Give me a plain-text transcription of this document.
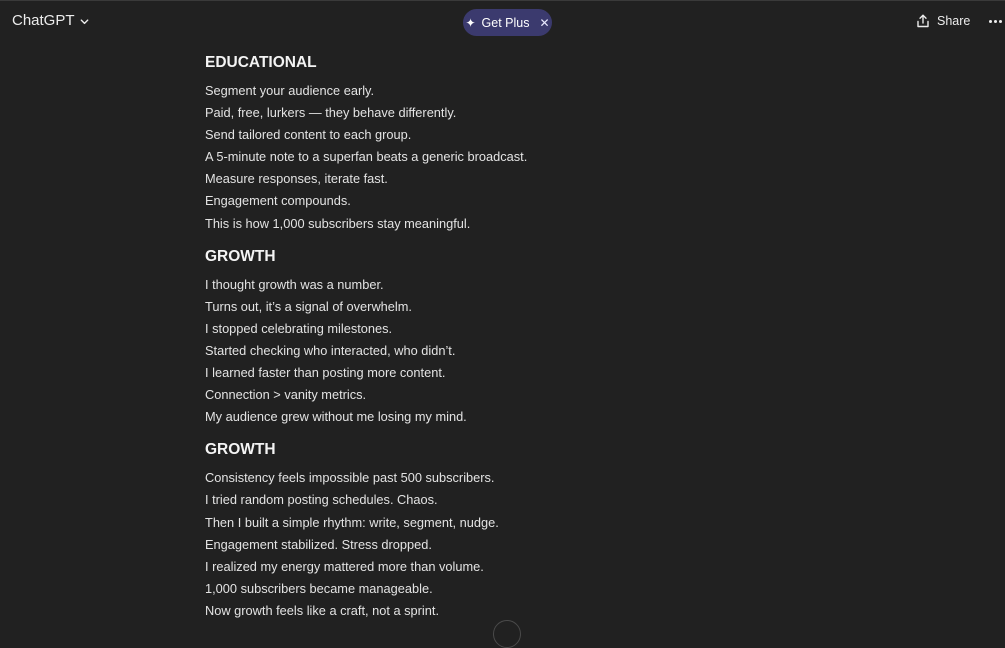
ChatGPT	✦ Get Plus ✕	Share
EDUCATIONAL

Segment your audience early.

Paid, free, lurkers — they behave differently.

Send tailored content to each group.

A 5-minute note to a superfan beats a generic broadcast.

Measure responses, iterate fast.

Engagement compounds.

This is how 1,000 subscribers stay meaningful.

GROWTH

I thought growth was a number.

Turns out, it’s a signal of overwhelm.

I stopped celebrating milestones.

Started checking who interacted, who didn’t.

I learned faster than posting more content.

Connection > vanity metrics.

My audience grew without me losing my mind.

GROWTH

Consistency feels impossible past 500 subscribers.

I tried random posting schedules. Chaos.

Then I built a simple rhythm: write, segment, nudge.

Engagement stabilized. Stress dropped.

I realized my energy mattered more than volume.

1,000 subscribers became manageable.

Now growth feels like a craft, not a sprint.
